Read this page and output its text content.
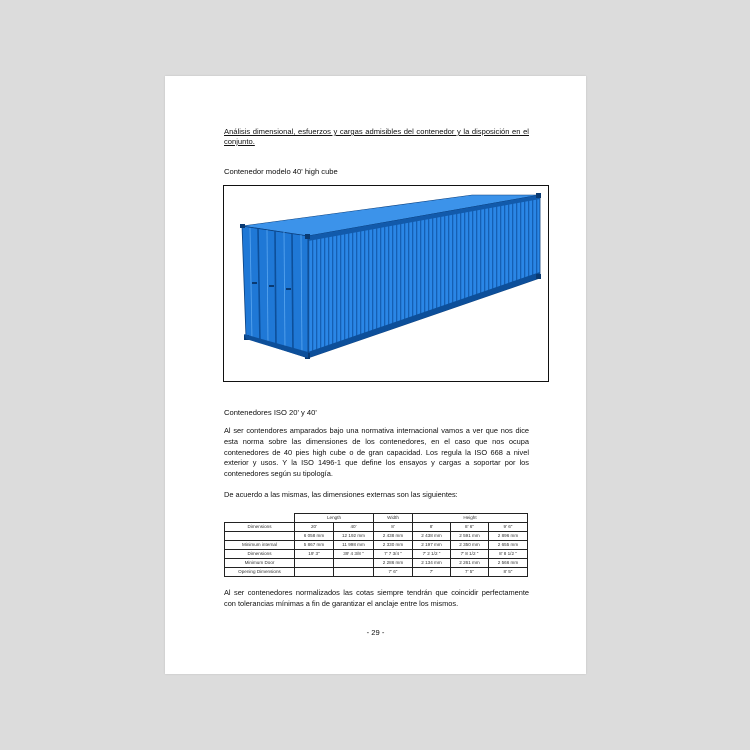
Análisis dimensional, esfuerzos y cargas admisibles del contenedor y la disposición en el conjunto.
Contenedor modelo 40' high cube
Contenedores ISO 20' y 40'
Al ser contendores amparados bajo una normativa internacional vamos a ver que nos dice esta norma sobre las dimensiones de los contenedores, en el caso que nos ocupa contenedores de 40 pies high cube o de gran capacidad. Los regula la ISO 668 a nivel exterior y usos. Y la ISO 1496-1 que define los ensayos y cargas a soportar por los contenedores según su tipología.
De acuerdo a las mismas, las dimensiones externas son las siguientes:
	Length		Width	Height		
Dimensions	20'	40'	8'	8'	8' 6"	9' 6"
	6 058 mm	12 192 mm	2 438 mm	2 438 mm	2 591 mm	2 896 mm
Minimum internal	5 867 mm	11 998 mm	2 330 mm	2 197 mm	2 350 mm	2 655 mm
Dimensions	19' 3"	39' 4 3/8 "	7' 7 3/4 "	7' 2 1/2 "	7' 8 1/2 "	8' 8 1/2 "
Minimum Door			2 286 mm	2 134 mm	2 261 mm	2 566 mm
Opening Dimensions			7' 6"	7'	7' 5"	8' 5"
Al ser contenedores normalizados las cotas siempre tendrán que coincidir perfectamente con tolerancias mínimas a fin de garantizar el anclaje entre los mismos.
- 29 -
